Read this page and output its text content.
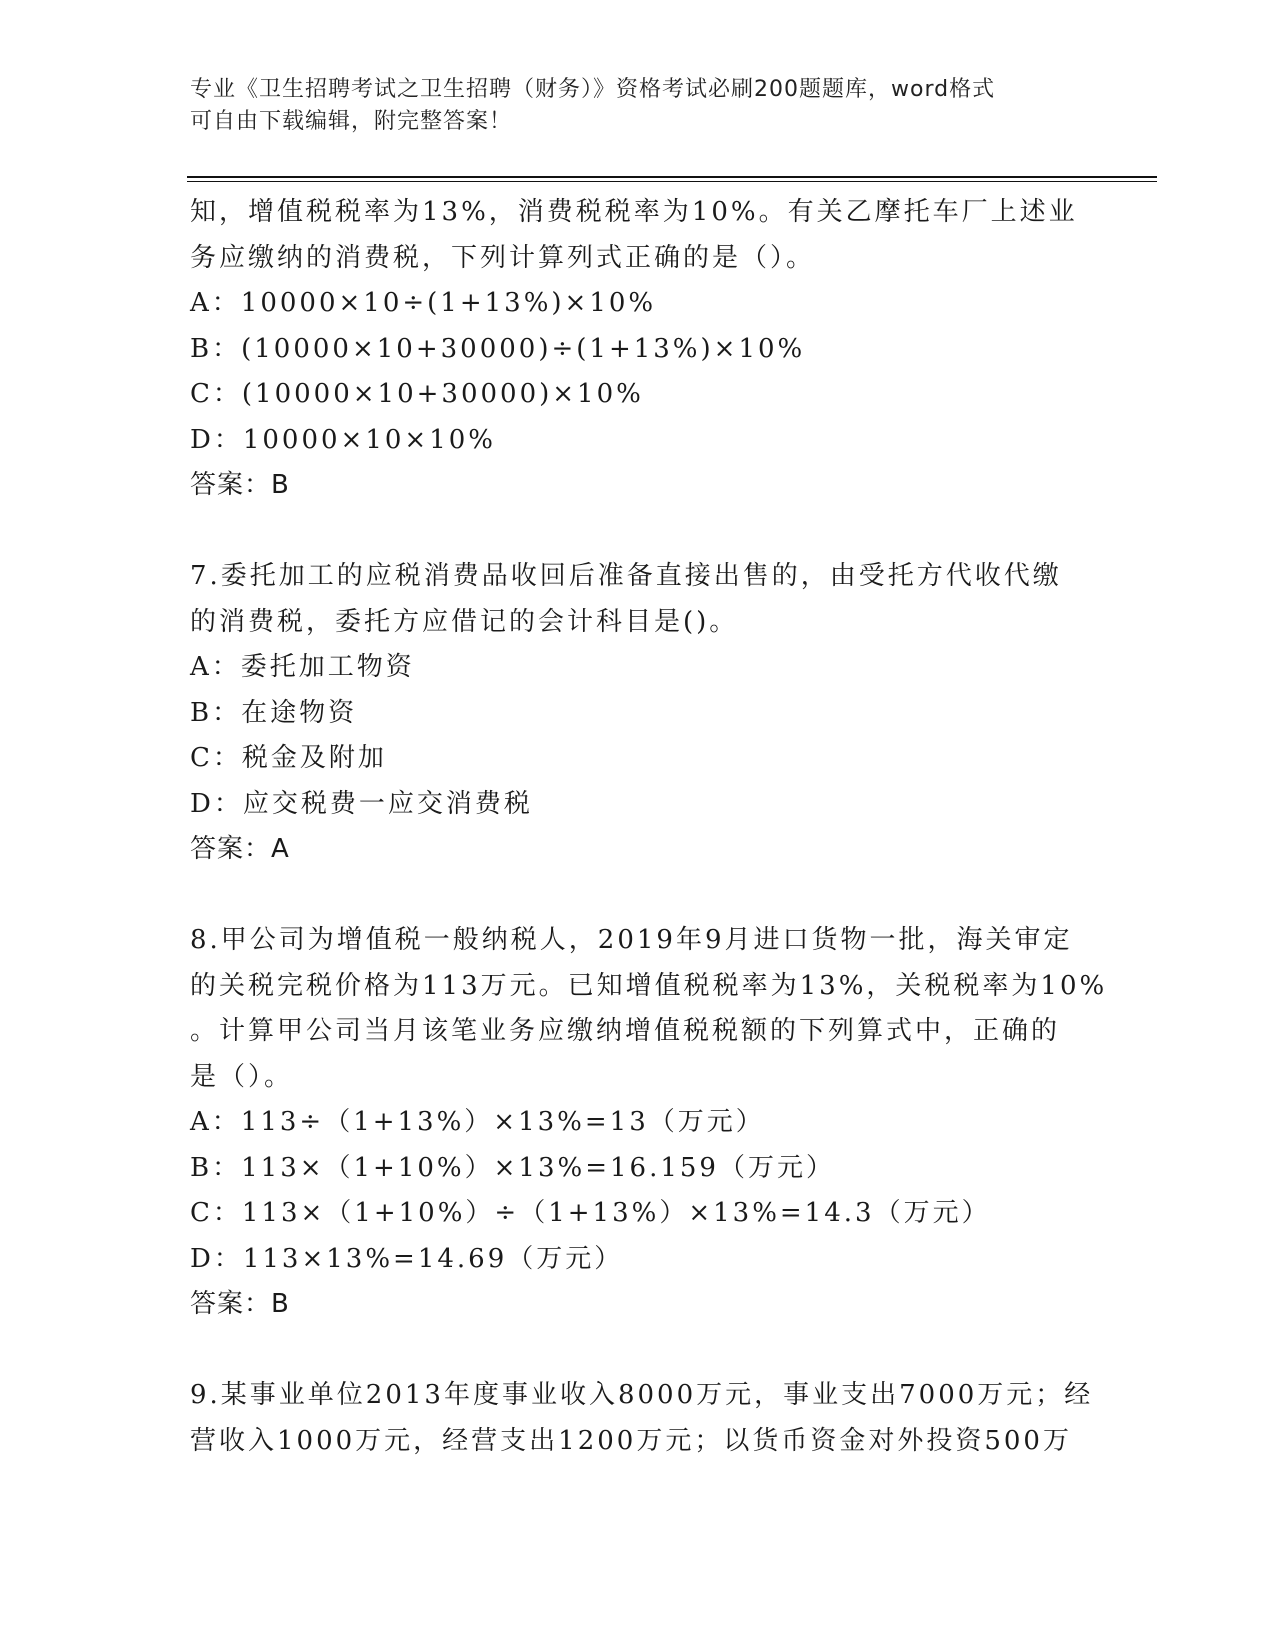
专业《卫生招聘考试之卫生招聘（财务）》资格考试必刷200题题库，word格式
可自由下载编辑，附完整答案！
知，增值税税率为13%，消费税税率为10%。有关乙摩托车厂上述业
务应缴纳的消费税，下列计算列式正确的是（）。
A：10000×10÷(1+13%)×10%
B：(10000×10+30000)÷(1+13%)×10%
C：(10000×10+30000)×10%
D：10000×10×10%
答案：B
7.委托加工的应税消费品收回后准备直接出售的，由受托方代收代缴
的消费税，委托方应借记的会计科目是()。
A：委托加工物资
B：在途物资
C：税金及附加
D：应交税费一应交消费税
答案：A
8.甲公司为增值税一般纳税人，2019年9月进口货物一批，海关审定
的关税完税价格为113万元。已知增值税税率为13%，关税税率为10%
。计算甲公司当月该笔业务应缴纳增值税税额的下列算式中，正确的
是（）。
A：113÷（1+13%）×13%=13（万元）
B：113×（1+10%）×13%=16.159（万元）
C：113×（1+10%）÷（1+13%）×13%=14.3（万元）
D：113×13%=14.69（万元）
答案：B
9.某事业单位2013年度事业收入8000万元，事业支出7000万元；经
营收入1000万元，经营支出1200万元；以货币资金对外投资500万
